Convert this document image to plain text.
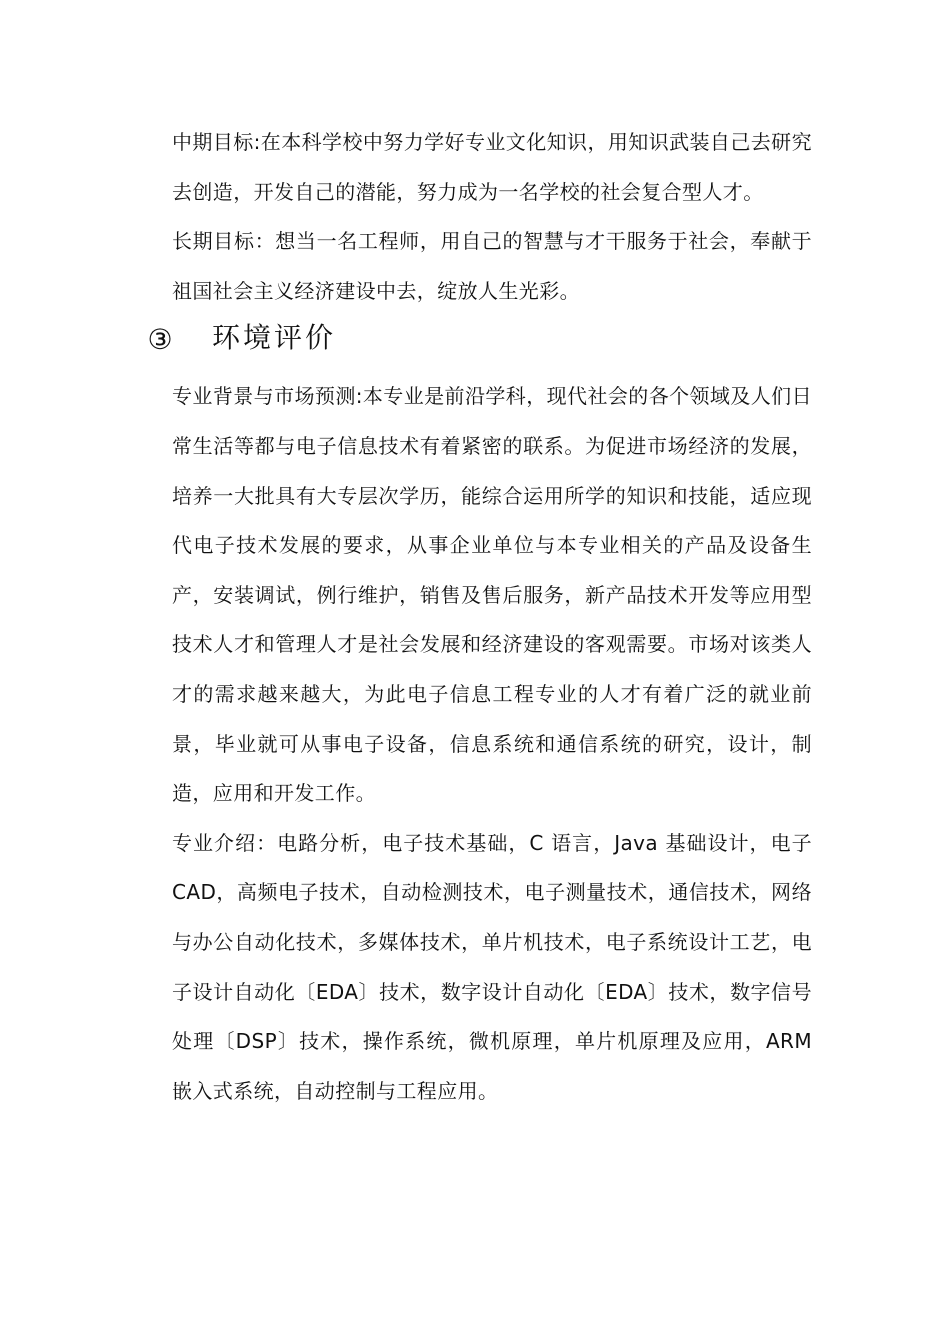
中期目标:在本科学校中努力学好专业文化知识，用知识武装自己去研究去创造，开发自己的潜能，努力成为一名学校的社会复合型人才。

长期目标：想当一名工程师，用自己的智慧与才干服务于社会，奉献于祖国社会主义经济建设中去，绽放人生光彩。

③ 环境评价

专业背景与市场预测:本专业是前沿学科，现代社会的各个领域及人们日常生活等都与电子信息技术有着紧密的联系。为促进市场经济的发展，培养一大批具有大专层次学历，能综合运用所学的知识和技能，适应现代电子技术发展的要求，从事企业单位与本专业相关的产品及设备生产，安装调试，例行维护，销售及售后服务，新产品技术开发等应用型技术人才和管理人才是社会发展和经济建设的客观需要。市场对该类人才的需求越来越大，为此电子信息工程专业的人才有着广泛的就业前景，毕业就可从事电子设备，信息系统和通信系统的研究，设计，制造，应用和开发工作。

专业介绍：电路分析，电子技术基础，C 语言，Java 基础设计，电子 CAD，高频电子技术，自动检测技术，电子测量技术，通信技术，网络与办公自动化技术，多媒体技术，单片机技术，电子系统设计工艺，电子设计自动化〔EDA〕技术，数字设计自动化〔EDA〕技术，数字信号处理〔DSP〕技术，操作系统，微机原理，单片机原理及应用，ARM 嵌入式系统，自动控制与工程应用。
